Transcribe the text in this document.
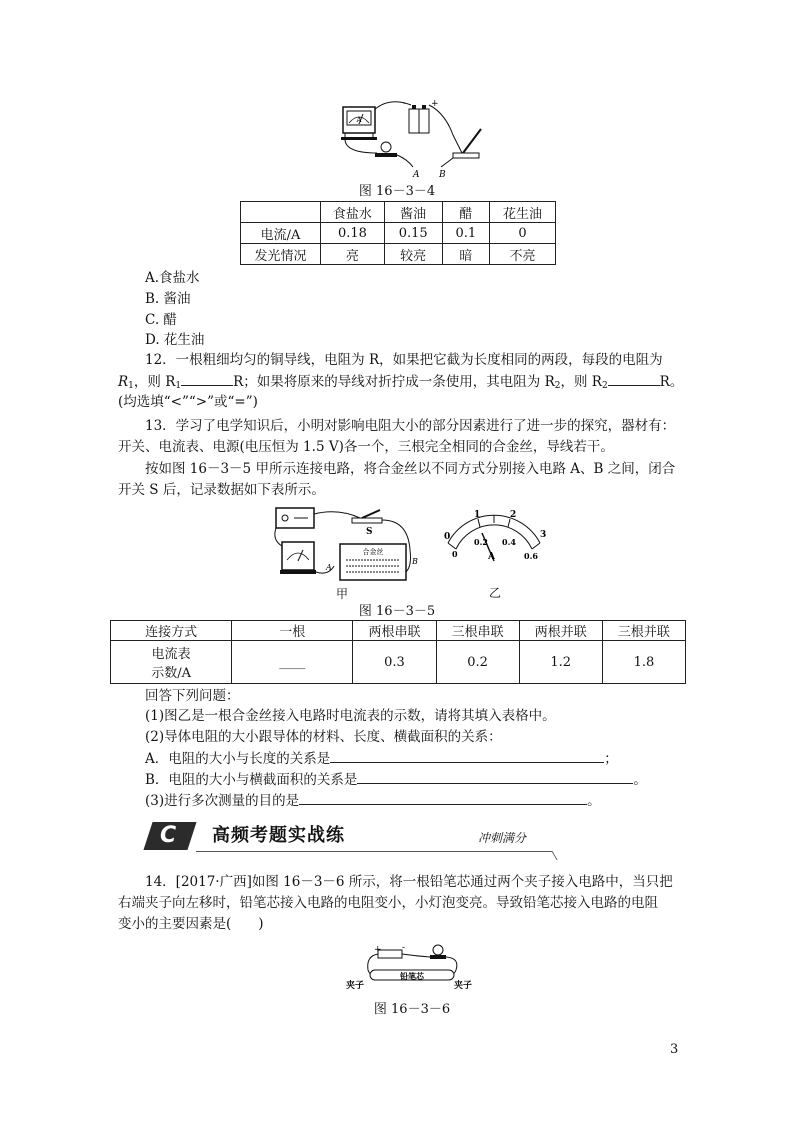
A
+
-
A B
图 16－3－4
	食盐水	酱油	醋	花生油
电流/A	0.18	0.15	0.1	0
发光情况	亮	较亮	暗	不亮
A.食盐水
B. 酱油
C. 醋
D. 花生油
12．一根粗细均匀的铜导线，电阻为 R，如果把它截为长度相同的两段，每段的电阻为
$R_1$，则 $R_1$	R；如果将原来的导线对折拧成一条使用，其电阻为 $R_2$，则 $R_2$	R。
(均选填“<”“>”或“=”)
13．学习了电学知识后，小明对影响电阻大小的部分因素进行了进一步的探究，器材有：
开关、电流表、电源(电压恒为 1.5 V)各一个，三根完全相同的合金丝，导线若干。
按如图 16－3－5 甲所示连接电路，将合金丝以不同方式分别接入电路 A、B 之间，闭合
开关 S 后，记录数据如下表所示。
S
合金丝
A
B
甲
0
1	2
3
0
0.2 0.4
0.6
A
乙
图 16－3－5
连接方式	一根	两根串联	三根串联	两根并联	三根并联

电流表
示数/A	____	0.3	0.2	1.2	1.8
回答下列问题：
(1)图乙是一根合金丝接入电路时电流表的示数，请将其填入表格中。
(2)导体电阻的大小跟导体的材料、长度、横截面积的关系：
A．电阻的大小与长度的关系是	；
B．电阻的大小与横截面积的关系是	。
(3)进行多次测量的目的是	。
C 高频考题实战练	冲刺满分
14．[2017·广西]如图 16－3－6 所示，将一根铅笔芯通过两个夹子接入电路中，当只把
右端夹子向左移时，铅笔芯接入电路的电阻变小，小灯泡变亮。导致铅笔芯接入电路的电阻
变小的主要因素是(　　)
+ -
铅笔芯
夹子	夹子
图 16－3－6
3
